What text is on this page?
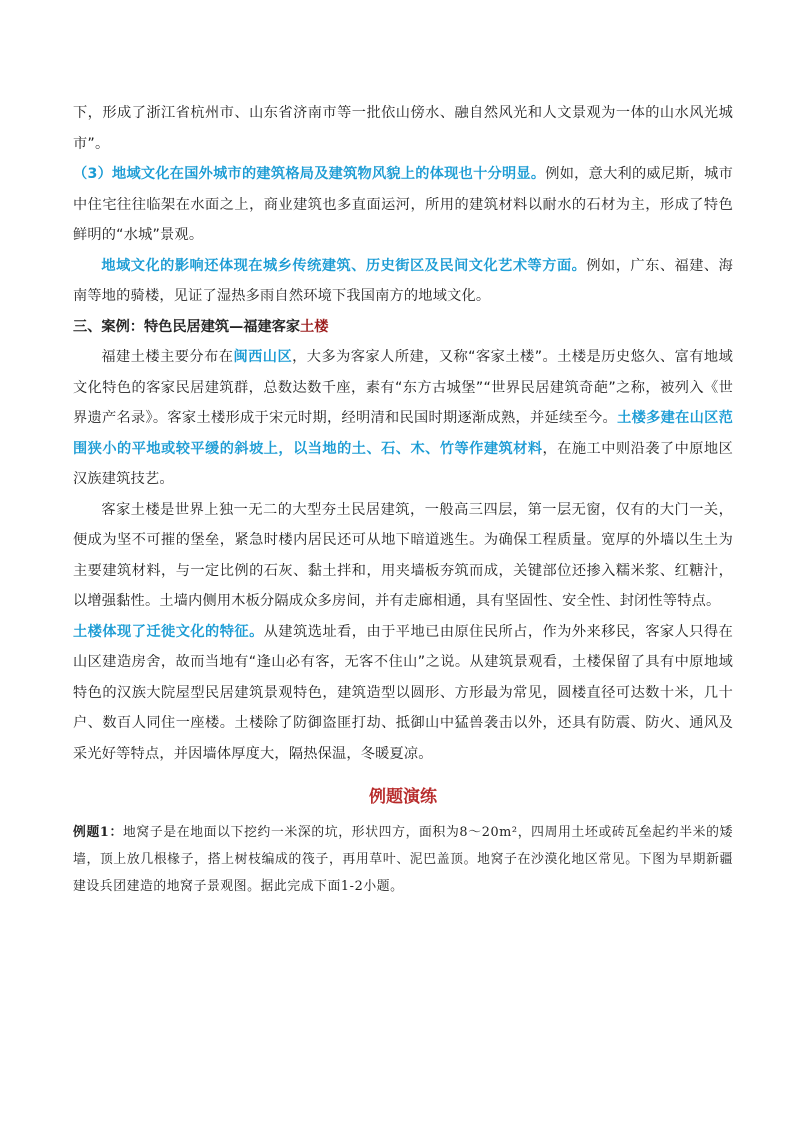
下，形成了浙江省杭州市、山东省济南市等一批依山傍水、融自然风光和人文景观为一体的山水风光城市”。

（3）地域文化在国外城市的建筑格局及建筑物风貌上的体现也十分明显。例如，意大利的威尼斯，城市中住宅往往临架在水面之上，商业建筑也多直面运河，所用的建筑材料以耐水的石材为主，形成了特色鲜明的“水城”景观。

地域文化的影响还体现在城乡传统建筑、历史街区及民间文化艺术等方面。例如，广东、福建、海南等地的骑楼，见证了湿热多雨自然环境下我国南方的地域文化。

三、案例：特色民居建筑—福建客家土楼

福建土楼主要分布在闽西山区，大多为客家人所建，又称“客家土楼”。土楼是历史悠久、富有地域文化特色的客家民居建筑群，总数达数千座，素有“东方古城堡”“世界民居建筑奇葩”之称，被列入《世界遗产名录》。客家土楼形成于宋元时期，经明清和民国时期逐渐成熟，并延续至今。土楼多建在山区范围狭小的平地或较平缓的斜坡上，以当地的土、石、木、竹等作建筑材料，在施工中则沿袭了中原地区汉族建筑技艺。

客家土楼是世界上独一无二的大型夯土民居建筑，一般高三四层，第一层无窗，仅有的大门一关，便成为坚不可摧的堡垒，紧急时楼内居民还可从地下暗道逃生。为确保工程质量。宽厚的外墙以生土为主要建筑材料，与一定比例的石灰、黏土拌和，用夹墙板夯筑而成，关键部位还掺入糯米浆、红糖汁，以增强黏性。土墙内侧用木板分隔成众多房间，并有走廊相通，具有坚固性、安全性、封闭性等特点。

土楼体现了迁徙文化的特征。从建筑选址看，由于平地已由原住民所占，作为外来移民，客家人只得在山区建造房舍，故而当地有“逢山必有客，无客不住山”之说。从建筑景观看，土楼保留了具有中原地域特色的汉族大院屋型民居建筑景观特色，建筑造型以圆形、方形最为常见，圆楼直径可达数十米，几十户、数百人同住一座楼。土楼除了防御盗匪打劫、抵御山中猛兽袭击以外，还具有防震、防火、通风及采光好等特点，并因墙体厚度大，隔热保温，冬暖夏凉。

例题演练
例题1：地窝子是在地面以下挖约一米深的坑，形状四方，面积为8～20m²，四周用土坯或砖瓦垒起约半米的矮墙，顶上放几根椽子，搭上树枝编成的筏子，再用草叶、泥巴盖顶。地窝子在沙漠化地区常见。下图为早期新疆建设兵团建造的地窝子景观图。据此完成下面1-2小题。
